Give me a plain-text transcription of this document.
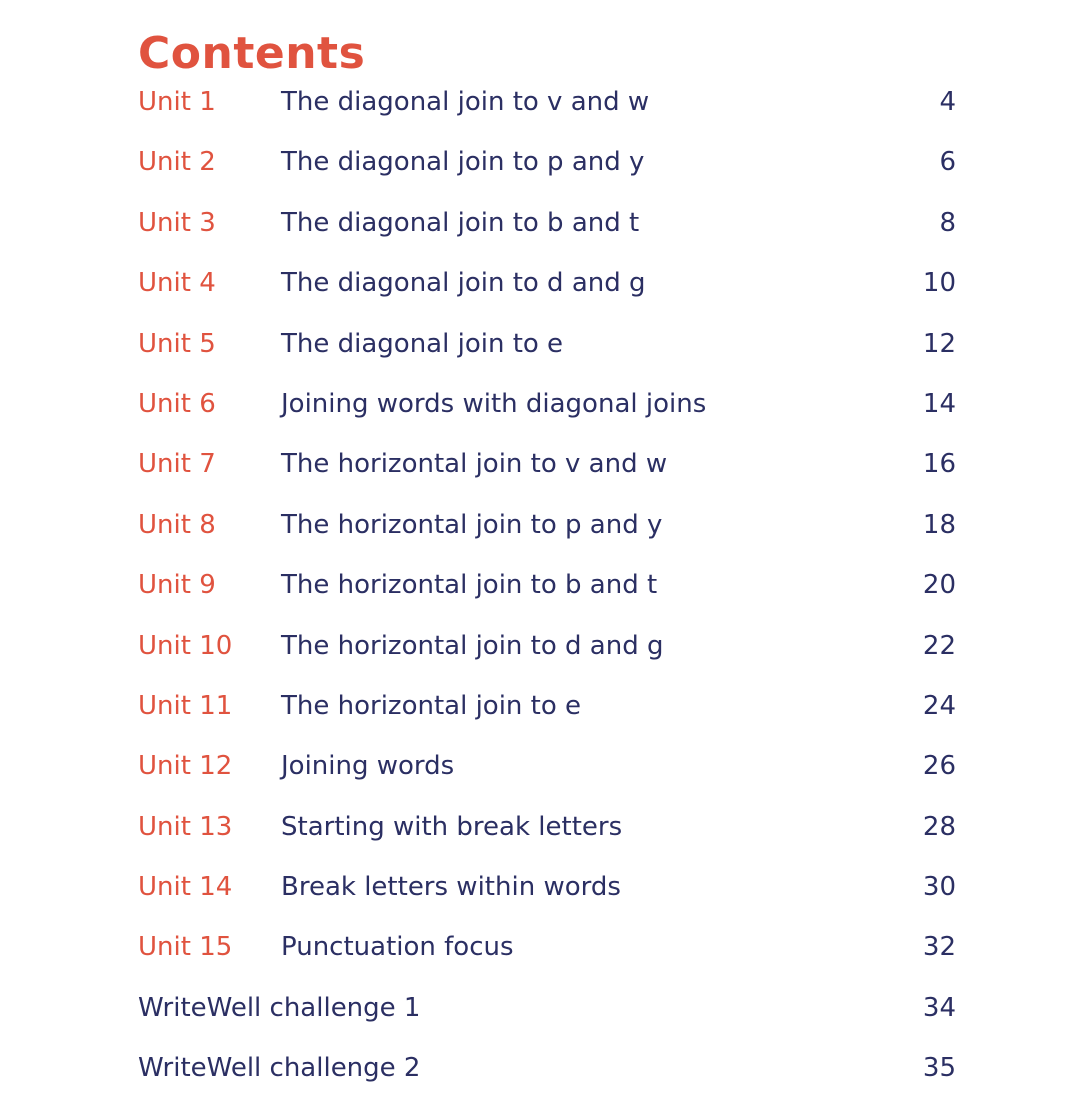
Contents
Unit 1	The diagonal join to v and w	4
Unit 2	The diagonal join to p and y	6
Unit 3	The diagonal join to b and t	8
Unit 4	The diagonal join to d and g	10
Unit 5	The diagonal join to e	12
Unit 6	Joining words with diagonal joins	14
Unit 7	The horizontal join to v and w	16
Unit 8	The horizontal join to p and y	18
Unit 9	The horizontal join to b and t	20
Unit 10 The horizontal join to d and g	22
Unit 11 The horizontal join to e	24
Unit 12 Joining words	26
Unit 13 Starting with break letters	28
Unit 14 Break letters within words	30
Unit 15 Punctuation focus	32
WriteWell challenge 1	34
WriteWell challenge 2	35
